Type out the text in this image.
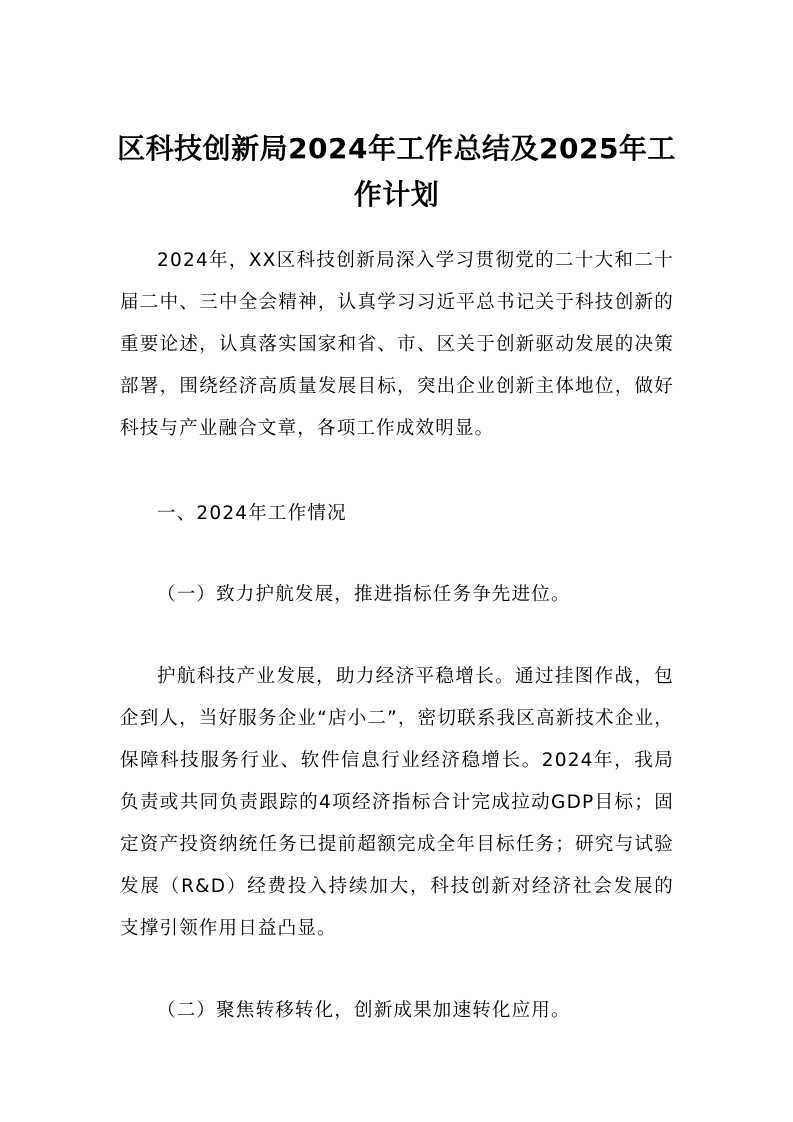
区科技创新局2024年工作总结及2025年工作计划

2024年，XX区科技创新局深入学习贯彻党的二十大和二十届二中、三中全会精神，认真学习习近平总书记关于科技创新的重要论述，认真落实国家和省、市、区关于创新驱动发展的决策部署，围绕经济高质量发展目标，突出企业创新主体地位，做好科技与产业融合文章，各项工作成效明显。

一、2024年工作情况

（一）致力护航发展，推进指标任务争先进位。

护航科技产业发展，助力经济平稳增长。通过挂图作战，包企到人，当好服务企业“店小二”，密切联系我区高新技术企业，保障科技服务行业、软件信息行业经济稳增长。2024年，我局负责或共同负责跟踪的4项经济指标合计完成拉动GDP目标；固定资产投资纳统任务已提前超额完成全年目标任务；研究与试验发展（R&D）经费投入持续加大，科技创新对经济社会发展的支撑引领作用日益凸显。

（二）聚焦转移转化，创新成果加速转化应用。
